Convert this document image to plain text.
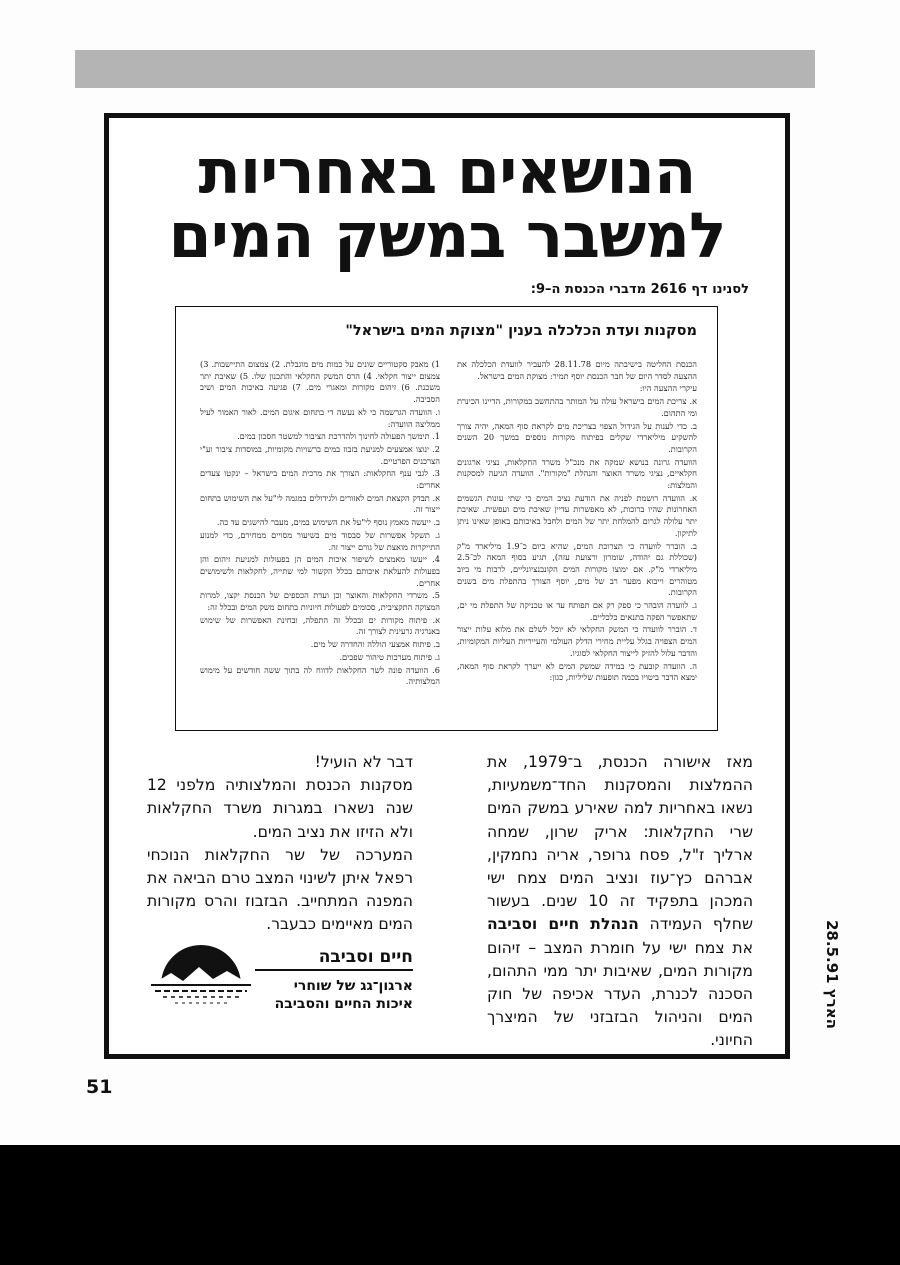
הנושאים באחריות
למשבר במשק המים
לסנינו דף 2616 מדברי הכנסת ה–9:
מסקנות ועדת הכלכלה בענין "מצוקת המים בישראל"

הכנסת החליטה בישיבתה מיום 28.11.78 להעביר לוועדת הכלכלה את ההצעה לסדר היום של חבר הכנסת יוסף תמיר: מצוקת המים בישראל.

עיקרי ההצעה היו:

א. צריכת המים בישראל עולה על המותר בהתחשב במקורות, הדיינו הכינרת ומי התהום.

ב. כדי לענות על הגידול הצפוי בצריכת מים לקראת סוף המאה, יהיה צורך להשקיע מיליארדי שקלים בפיתוח מקורות נוספים במשך 20 השנים הקרובות.

הוועדה גרונה בנושא שמקה את מנכ"ל משרד החקלאות, נציגי ארגונים חקלאיים, נציגי משרד האוצר והנהלת "מקורות". הוועדה הגיעה למסקנות והמלצות:

א. הוועדה רושמת לפניה את הודעת נציב המים כי שתי עונות הגשמים האחרונות שהיו ברוכות, לא מאפשרות עדיין שאיבת מים ועפשית. שאיבת יתר עלולה לגרום להמלחת יתר של המים ולחבל באיכותם באופן שאינו ניתן לתיקון.

ב. הוברר לוועדה כי תצרוכת המים, שהיא כיום כ־1.9 מיליארד מ"ק (שכוללת גם יהודה, שומרון ורצועת עזה), תגיע בסוף המאה לכ־2.5 מיליארדי מ"ק. אם ימוצו מקורות המים הקונבנציונליים, לרבות מי ביוב מטוהרים וייבוא מפער רב של מים, יוסף הצורך בהתפלת מים בשנים הקרובות.

ג. לוועדה הובהר כי ספק רק אם תפותח עד או טכניקה של התפלת מי ים, שתאפשר הפקה בתנאים כלכליים.

ד. הוברר לוועדה כי המשק החקלאי לא יוכל לשלם את מלוא עלות ייצור המים הצפויה בגלל עליית מחירי הדלק העולמי והעייריות העליות המקומיות, והדבר עלול להזיק לייצור החקלאי לסוגיו.

ה. הוועדה קובעת כי במידה שמשק המים לא ייערך לקראת סוף המאה, ימצא הדבר ביטויו בכמה תופעות שליליות, כגון:

1) מאבק סקטוריים שונים על כמות מים מוגבלת. 2) צמצום התיישבות. 3) צמצום ייצור חקלאי. 4) הרס המשק החקלאי והתכנון שלו. 5) שאיבת יתר משכנת. 6) זיהום מקורות ומאגרי מים. 7) פגיעה באיכות המים ושיב הסביבה.

ו. הוועדה הגרשמה כי לא נעשה די בתחום איגום המים. לאור האמור לעיל ממליצה הוועדה:

1. תימשך הפעולה לחינוך ולהדרכת הציבור למשטר חסכון במים.

2. ינוצו אמצעים למניעת בזבוז במים ברשויות מקומיות, במוסדות ציבור וע"י הצרכנים הפרטיים.

3. לגבי ענף החקלאות: הצורך את מרכית המים בישראל – ינקטו צעדים אחרים:

א. תבדק הקצאת המים לאזורים ולגידולים במגמה לי"על את השימוש בתחום ייצור זה.

ב. ייעשה מאמץ נוסף לי"על את השימוש במים, מעבר להישגים עד כה.

ג. תשקל אפשרות של סבסוד מים בשיעור מסויים ממחירם, כדי למנוע התייקרות מואצת של גורם ייצור זה.

4. ייעשו מאמצים לשיפור איכות המים הן בפעולות למניעת זיהום והן בפעולות להעלאת איכותם בכלל הקשור למי שתייה, לחקלאות ולשימושים אחרים.

5. משרדי החקלאות והאוצר וכן ועדת הכספים של הכנסת יקצו, למרות המצוקה התקציבית, סכומים לפעולות חיוניות בתחום משק המים ובכלל זה:

א. פיתוח מקורות ים ובכלל זה התפלה, ובחינת האפשרות של שימוש באנרגיה גרעינית לצורך זה.

ב. פיתוח אמצעי הוללה והחדרה של מים.

ג. פיתוח מערכות טיהור שפכים.

6. הוועדה פונה לשר החקלאות לדווח לה בתוך ששה חודשים על מימוש המלצותיה.

מאז אישורה הכנסת, ב־1979, את ההמלצות והמסקנות החד־משמעיות, נשאו באחריות למה שאירע במשק המים שרי החקלאות: אריק שרון, שמחה ארליך ז"ל, פסח גרופר, אריה נחמקין, אברהם כץ־עוז ונציב המים צמח ישי המכהן בתפקיד זה 10 שנים. בעשור שחלף העמידה הנהלת חיים וסביבה את צמח ישי על חומרת המצב – זיהום מקורות המים, שאיבות יתר ממי התהום, הסכנה לכנרת, העדר אכיפה של חוק המים והניהול הבזבזני של המיצרך החיוני.

דבר לא הועיל!

מסקנות הכנסת והמלצותיה מלפני 12 שנה נשארו במגרות משרד החקלאות ולא הזיזו את נציב המים.

המערכה של שר החקלאות הנוכחי רפאל איתן לשינוי המצב טרם הביאה את המפנה המתחייב. הבזבוז והרס מקורות המים מאיימים כבעבר.

חיים וסביבה
ארגון־גג של שוחרי
איכות החיים והסביבה
הארץ 28.5.91
51
